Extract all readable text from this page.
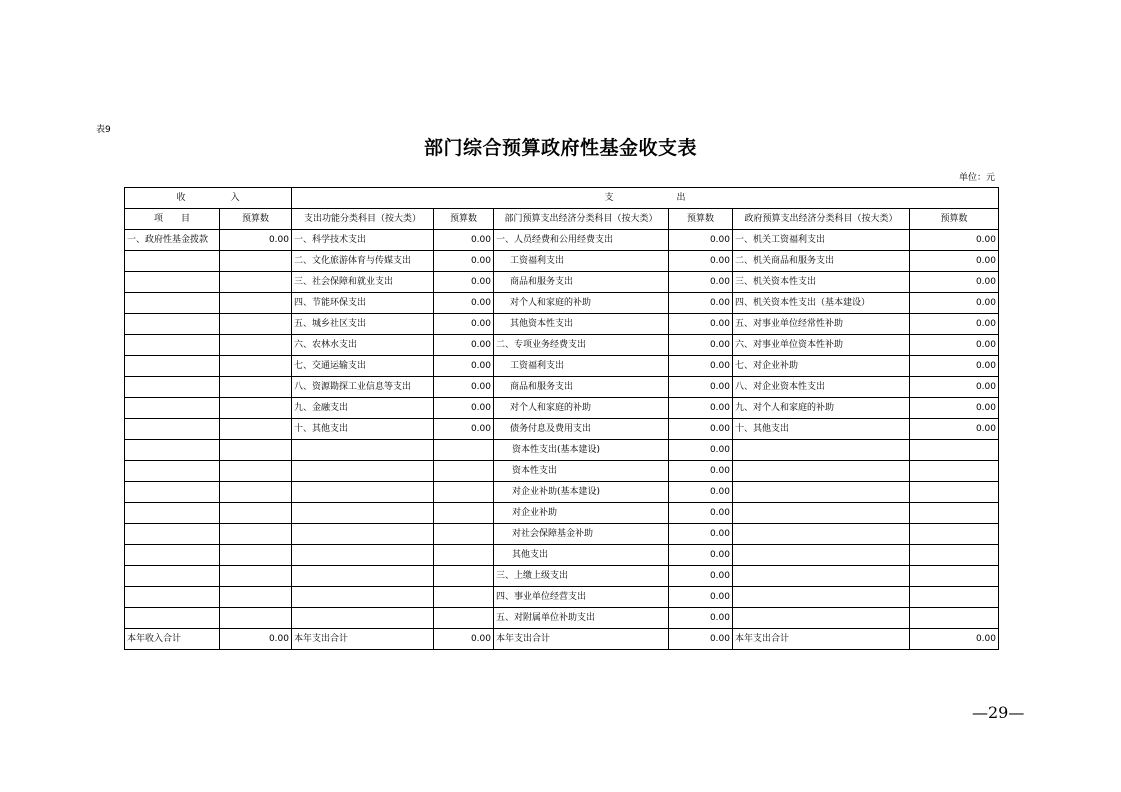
表9
部门综合预算政府性基金收支表
单位：元
收　　　　　入		支　　　　　　　出					
项　　目	预算数	支出功能分类科目（按大类）	预算数	部门预算支出经济分类科目（按大类）	预算数	政府预算支出经济分类科目（按大类）	预算数
一、政府性基金拨款	0.00	一、科学技术支出	0.00	一、人员经费和公用经费支出	0.00	一、机关工资福利支出	0.00
		二、文化旅游体育与传媒支出	0.00	工资福利支出	0.00	二、机关商品和服务支出	0.00
		三、社会保障和就业支出	0.00	商品和服务支出	0.00	三、机关资本性支出	0.00
		四、节能环保支出	0.00	对个人和家庭的补助	0.00	四、机关资本性支出（基本建设）	0.00
		五、城乡社区支出	0.00	其他资本性支出	0.00	五、对事业单位经常性补助	0.00
		六、农林水支出	0.00	二、专项业务经费支出	0.00	六、对事业单位资本性补助	0.00
		七、交通运输支出	0.00	工资福利支出	0.00	七、对企业补助	0.00
		八、资源勘探工业信息等支出	0.00	商品和服务支出	0.00	八、对企业资本性支出	0.00
		九、金融支出	0.00	对个人和家庭的补助	0.00	九、对个人和家庭的补助	0.00
		十、其他支出	0.00	债务付息及费用支出	0.00	十、其他支出	0.00
				资本性支出(基本建设)	0.00		
				资本性支出	0.00		
				对企业补助(基本建设)	0.00		
				对企业补助	0.00		
				对社会保障基金补助	0.00		
				其他支出	0.00		
				三、上缴上级支出	0.00		
				四、事业单位经营支出	0.00		
				五、对附属单位补助支出	0.00		
本年收入合计	0.00	本年支出合计	0.00	本年支出合计	0.00	本年支出合计	0.00
—29—
